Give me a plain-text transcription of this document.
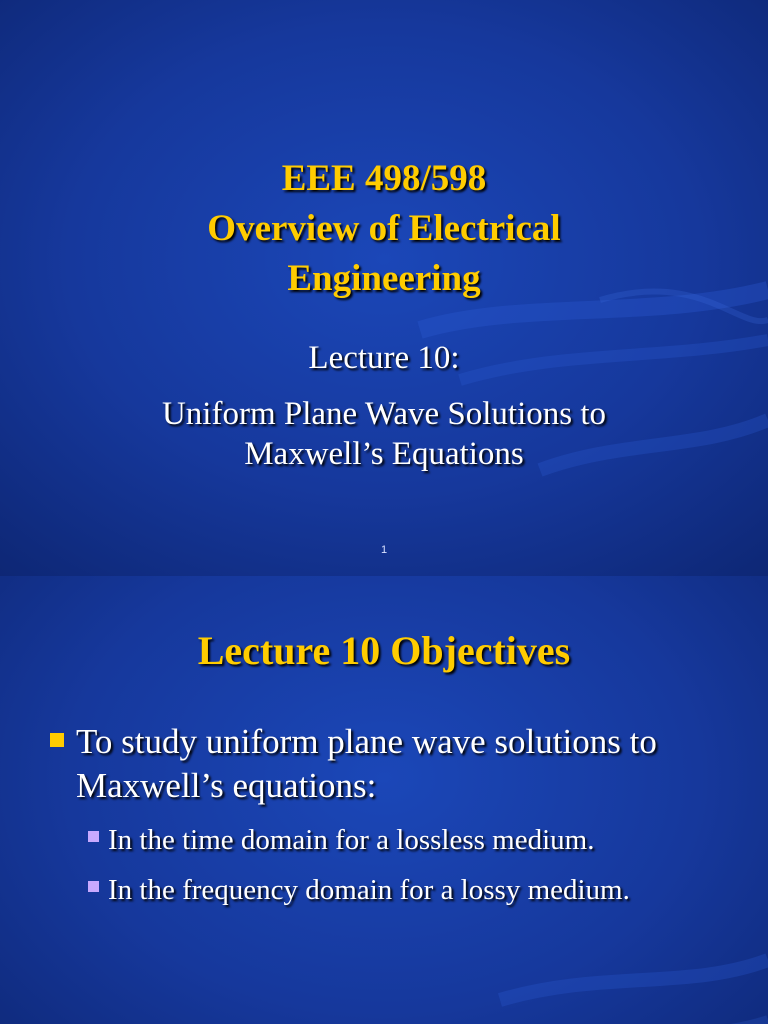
EEE 498/598
Overview of Electrical
Engineering
Lecture 10:
Uniform Plane Wave Solutions to
Maxwell’s Equations
1
Lecture 10 Objectives
To study uniform plane wave solutions to Maxwell’s equations:
In the time domain for a lossless medium.
In the frequency domain for a lossy medium.
